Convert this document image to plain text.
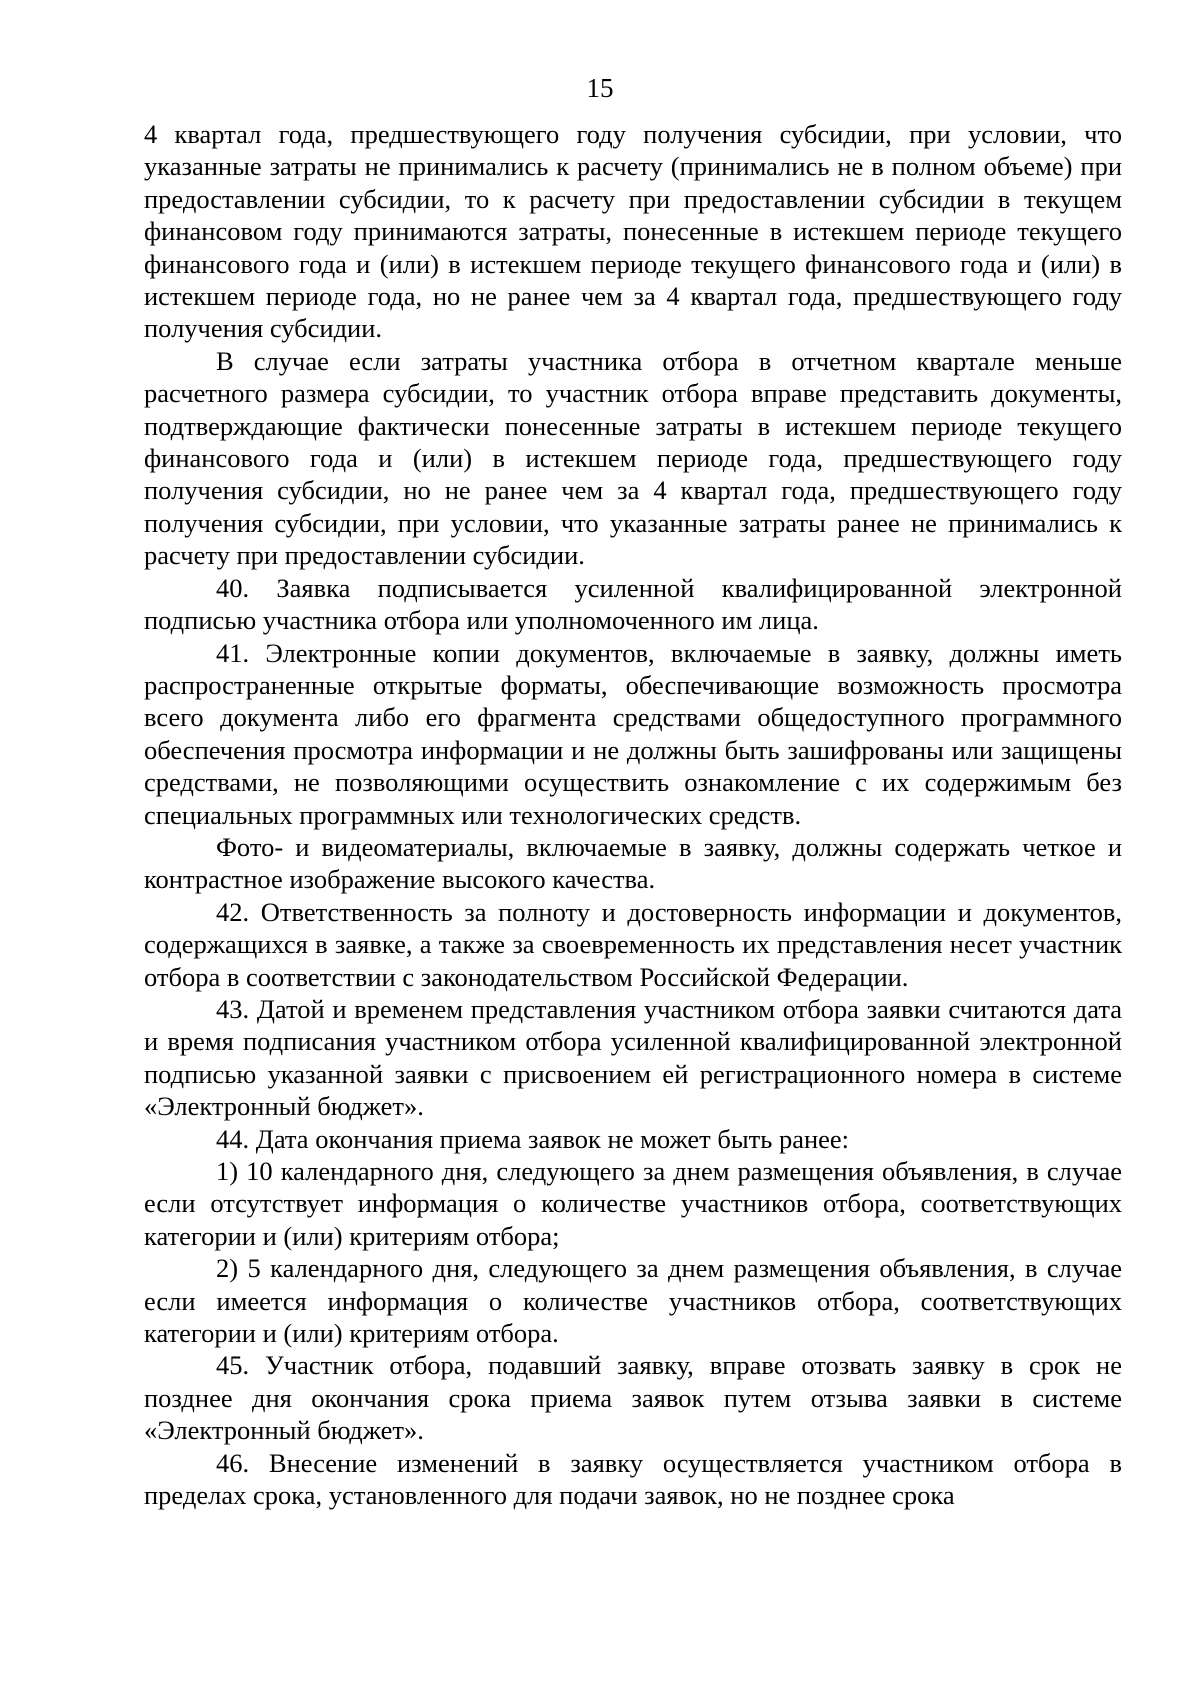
15

4 квартал года, предшествующего году получения субсидии, при условии, что указанные затраты не принимались к расчету (принимались не в полном объеме) при предоставлении субсидии, то к расчету при предоставлении субсидии в текущем финансовом году принимаются затраты, понесенные в истекшем периоде текущего финансового года и (или) в истекшем периоде текущего финансового года и (или) в истекшем периоде года, но не ранее чем за 4 квартал года, предшествующего году получения субсидии.

В случае если затраты участника отбора в отчетном квартале меньше расчетного размера субсидии, то участник отбора вправе представить документы, подтверждающие фактически понесенные затраты в истекшем периоде текущего финансового года и (или) в истекшем периоде года, предшествующего году получения субсидии, но не ранее чем за 4 квартал года, предшествующего году получения субсидии, при условии, что указанные затраты ранее не принимались к расчету при предоставлении субсидии.

40. Заявка подписывается усиленной квалифицированной электронной подписью участника отбора или уполномоченного им лица.

41. Электронные копии документов, включаемые в заявку, должны иметь распространенные открытые форматы, обеспечивающие возможность просмотра всего документа либо его фрагмента средствами общедоступного программного обеспечения просмотра информации и не должны быть зашифрованы или защищены средствами, не позволяющими осуществить ознакомление с их содержимым без специальных программных или технологических средств.

Фото- и видеоматериалы, включаемые в заявку, должны содержать четкое и контрастное изображение высокого качества.

42. Ответственность за полноту и достоверность информации и документов, содержащихся в заявке, а также за своевременность их представления несет участник отбора в соответствии с законодательством Российской Федерации.

43. Датой и временем представления участником отбора заявки считаются дата и время подписания участником отбора усиленной квалифицированной электронной подписью указанной заявки с присвоением ей регистрационного номера в системе «Электронный бюджет».

44. Дата окончания приема заявок не может быть ранее:

1) 10 календарного дня, следующего за днем размещения объявления, в случае если отсутствует информация о количестве участников отбора, соответствующих категории и (или) критериям отбора;

2) 5 календарного дня, следующего за днем размещения объявления, в случае если имеется информация о количестве участников отбора, соответствующих категории и (или) критериям отбора.

45. Участник отбора, подавший заявку, вправе отозвать заявку в срок не позднее дня окончания срока приема заявок путем отзыва заявки в системе «Электронный бюджет».

46. Внесение изменений в заявку осуществляется участником отбора в пределах срока, установленного для подачи заявок, но не позднее срока
